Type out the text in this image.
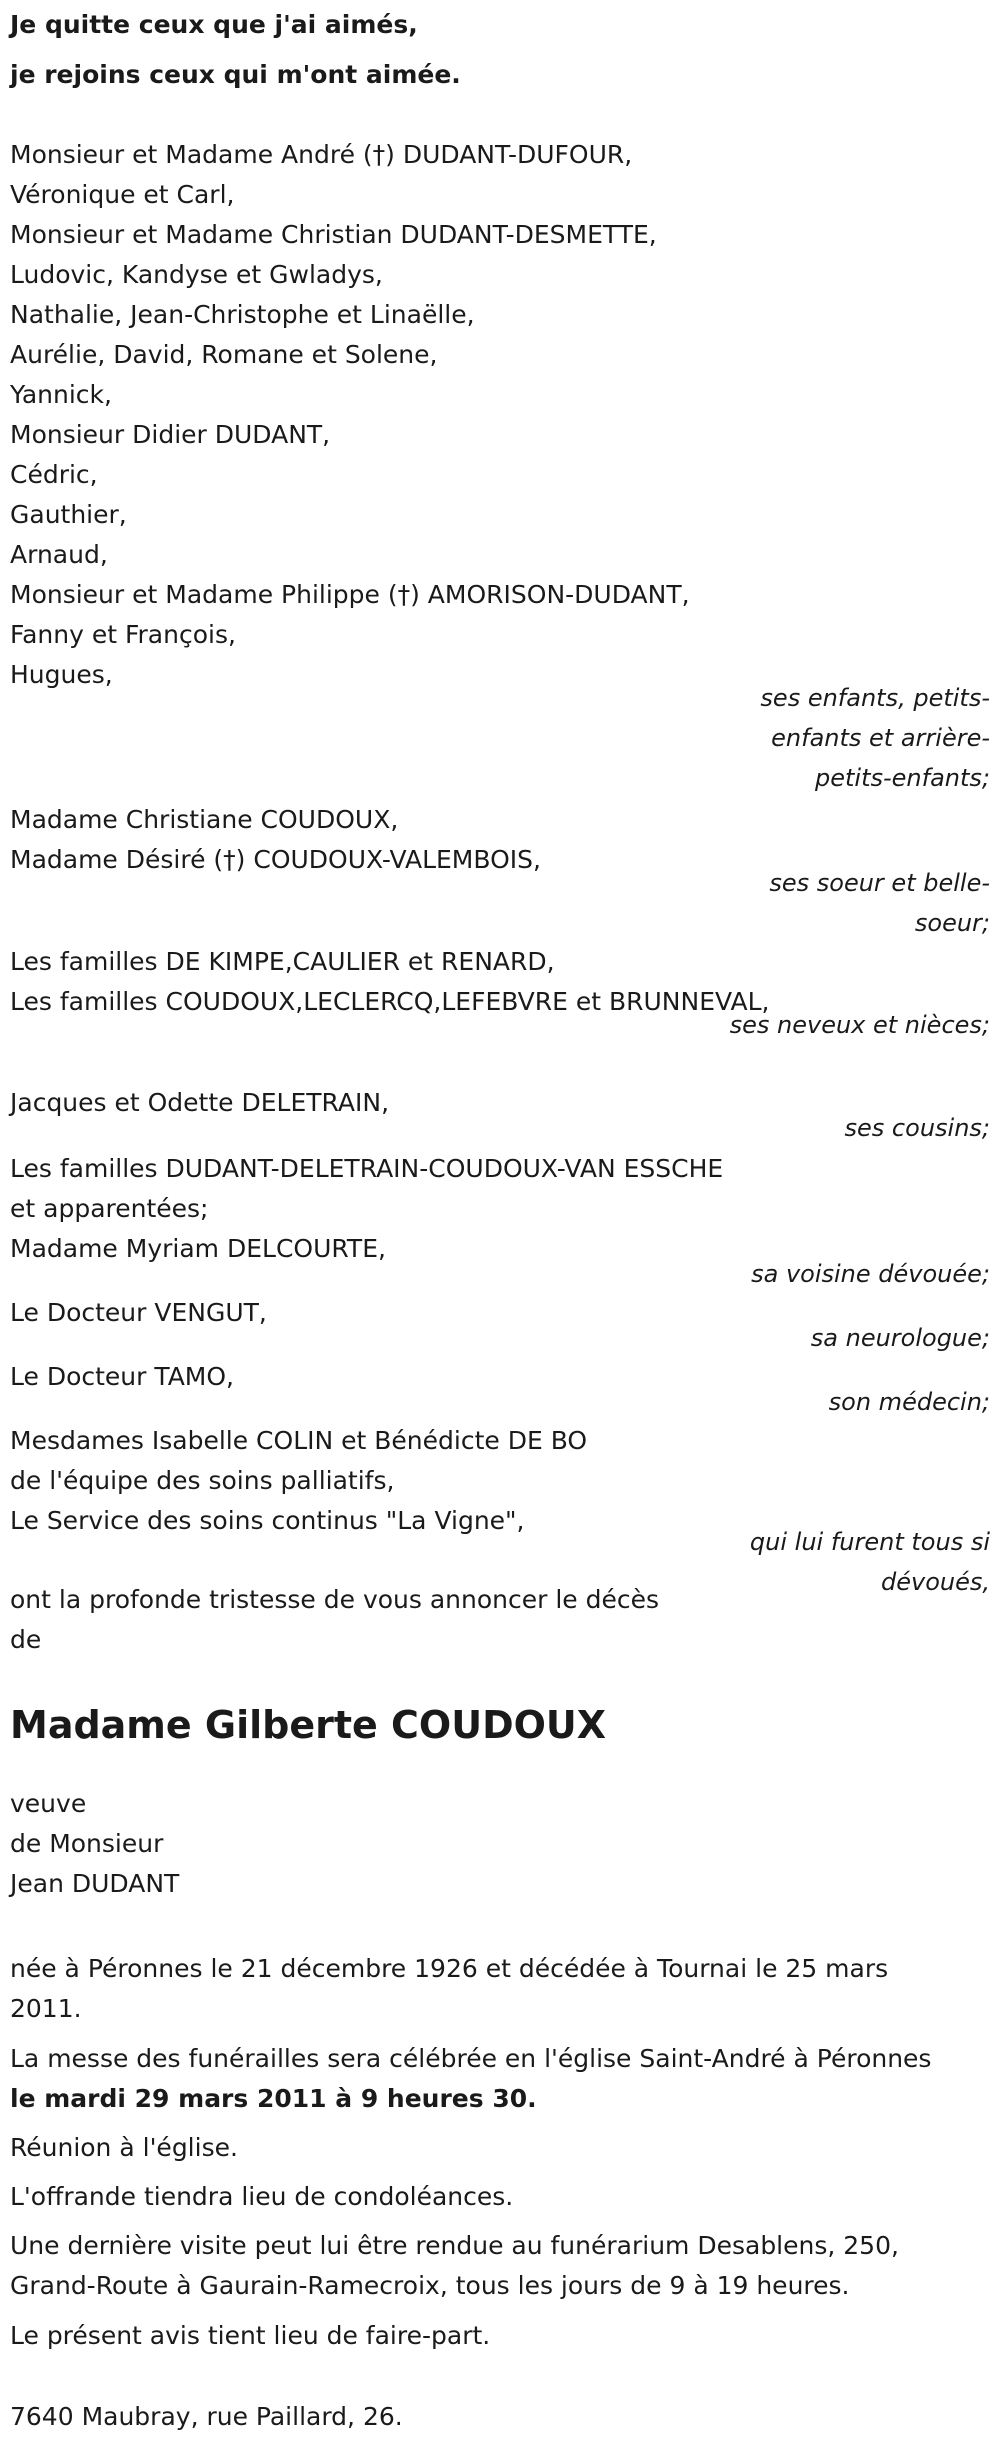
Je quitte ceux que j'ai aimés,
je rejoins ceux qui m'ont aimée.
Monsieur et Madame André (†) DUDANT-DUFOUR,
Véronique et Carl,
Monsieur et Madame Christian DUDANT-DESMETTE,
Ludovic, Kandyse et Gwladys,
Nathalie, Jean-Christophe et Linaëlle,
Aurélie, David, Romane et Solene,
Yannick,
Monsieur Didier DUDANT,
Cédric,
Gauthier,
Arnaud,
Monsieur et Madame Philippe (†) AMORISON-DUDANT,
Fanny et François,
Hugues,
ses enfants, petits-enfants et arrière-petits-enfants;
Madame Christiane COUDOUX,
Madame Désiré (†) COUDOUX-VALEMBOIS,
ses soeur et belle-soeur;
Les familles DE KIMPE,CAULIER et RENARD,
Les familles COUDOUX,LECLERCQ,LEFEBVRE et BRUNNEVAL,
ses neveux et nièces;
Jacques et Odette DELETRAIN,
ses cousins;
Les familles DUDANT-DELETRAIN-COUDOUX-VAN ESSCHE
et apparentées;
Madame Myriam DELCOURTE,
sa voisine dévouée;
Le Docteur VENGUT,
sa neurologue;
Le Docteur TAMO,
son médecin;
Mesdames Isabelle COLIN et Bénédicte DE BO
de l'équipe des soins palliatifs,
Le Service des soins continus "La Vigne",
qui lui furent tous si dévoués,
ont la profonde tristesse de vous annoncer le décès
de
Madame Gilberte COUDOUX
veuve
de Monsieur
Jean DUDANT
née à Péronnes le 21 décembre 1926 et décédée à Tournai le 25 mars
2011.
La messe des funérailles sera célébrée en l'église Saint-André à Péronnes
le mardi 29 mars 2011 à 9 heures 30.
Réunion à l'église.
L'offrande tiendra lieu de condoléances.
Une dernière visite peut lui être rendue au funérarium Desablens, 250,
Grand-Route à Gaurain-Ramecroix, tous les jours de 9 à 19 heures.
Le présent avis tient lieu de faire-part.
7640 Maubray, rue Paillard, 26.
